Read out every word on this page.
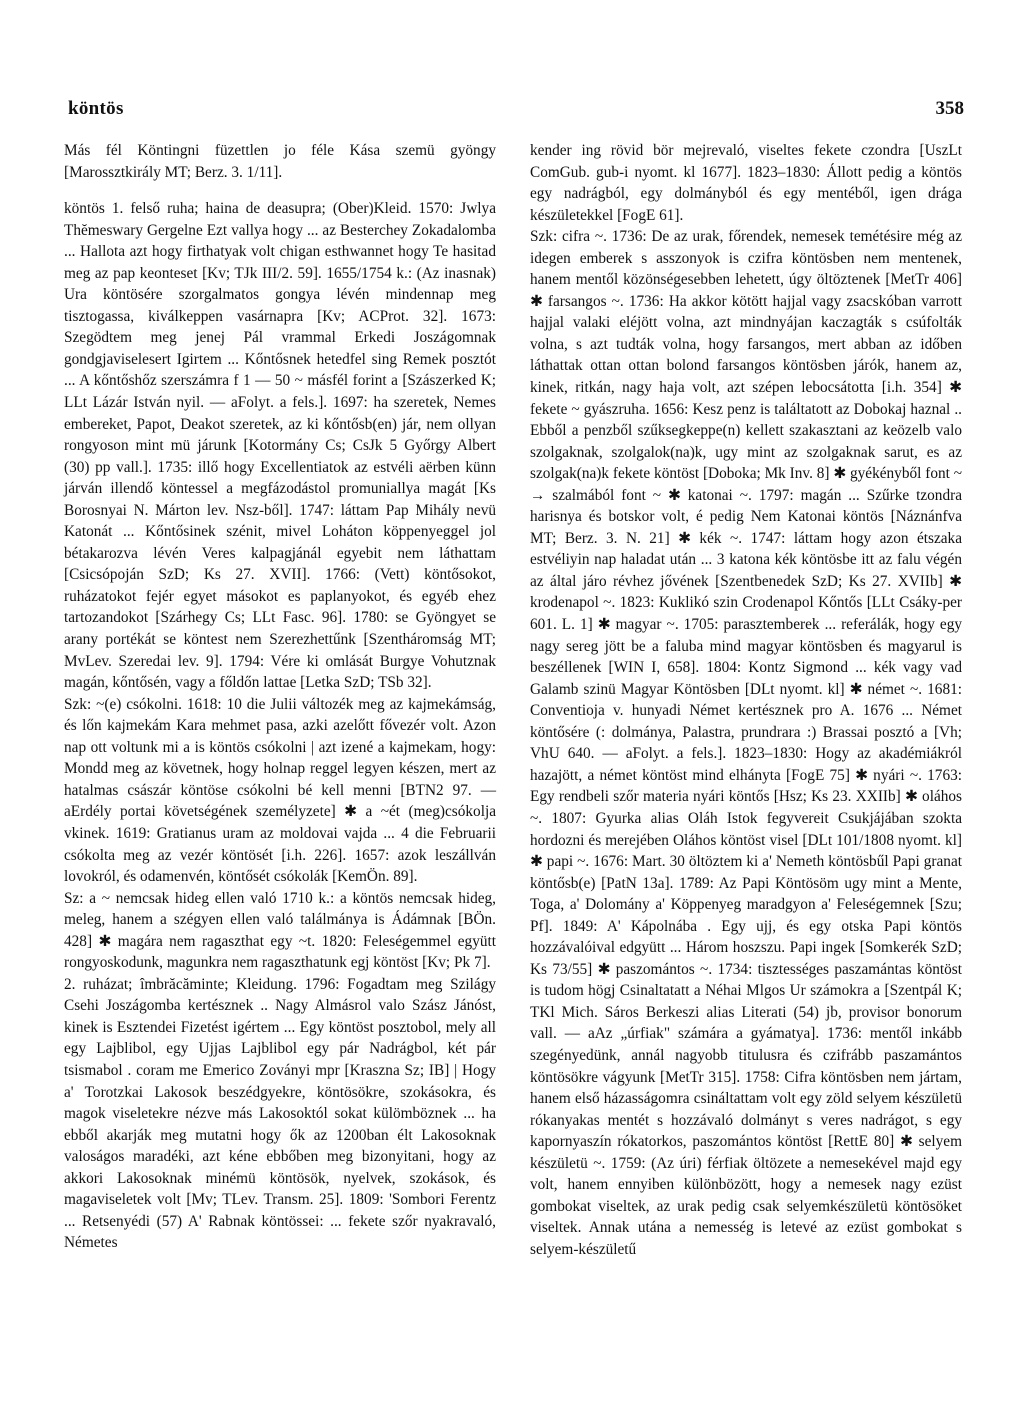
köntös	358

Más fél Köntingni füzettlen jo féle Kása szemü gyöngy [Marossztkirály MT; Berz. 3. 1/11].

köntös 1. felső ruha; haina de deasupra; (Ober)Kleid. 1570: Jwlya Thĕmeswary Gergelne Ezt vallya hogy ... az Besterchey Zokadalomba ... Hallota azt hogy firthatyak volt chigan esthwannet hogy Te hasitad meg az pap keonteset [Kv; TJk III/2. 59]. 1655/1754 k.: (Az inasnak) Ura köntösére szorgalmatos gongya lévén mindennap meg tisztogassa, kiválkeppen vasárnapra [Kv; ACProt. 32]. 1673: Szegödtem meg jenej Pál vrammal Erkedi Joszágomnak gondgjaviselesert Igirtem ... Kőntősnek hetedfel sing Remek posztót ... A kőntőshőz szerszámra f 1 — 50 ~ másfél forint a [Szászerked K; LLt Lázár István nyil. — aFolyt. a fels.]. 1697: ha szeretek, Nemes embereket, Papot, Deakot szeretek, az ki kőntősb(en) jár, nem ollyan rongyoson mint mü járunk [Kotormány Cs; CsJk 5 Győrgy Albert (30) pp vall.]. 1735: illő hogy Excellentiatok az estvéli aërben künn járván illendő köntessel a megfázodástol promuniallya magát [Ks Borosnyai N. Márton lev. Nsz-ből]. 1747: láttam Pap Mihály nevü Katonát ... Kőntősinek szénit, mivel Loháton köppenyeggel jol bétakarozva lévén Veres kalpagjánál egyebit nem láthattam [Csicsópoján SzD; Ks 27. XVII]. 1766: (Vett) köntősokot, ruházatokot fejér egyet másokot es paplanyokot, és egyéb ehez tartozandokot [Szárhegy Cs; LLt Fasc. 96]. 1780: se Gyöngyet se arany portékát se köntest nem Szerezhettűnk [Szentháromság MT; MvLev. Szeredai lev. 9]. 1794: Vére ki omlását Burgye Vohutznak magán, kőntősén, vagy a főldőn lattae [Letka SzD; TSb 32].

Szk: ~(e) csókolni. 1618: 10 die Julii változék meg az kajmekámság, és lőn kajmekám Kara mehmet pasa, azki azelőtt fővezér volt. Azon nap ott voltunk mi a is köntös csókolni | azt izené a kajmekam, hogy: Mondd meg az követnek, hogy holnap reggel legyen készen, mert az hatalmas császár köntöse csókolni bé kell menni [BTN2 97. — aErdély portai követségének személyzete] ✱ a ~ét (meg)csókolja vkinek. 1619: Gratianus uram az moldovai vajda ... 4 die Februarii csókolta meg az vezér köntösét [i.h. 226]. 1657: azok leszállván lovokról, és odamenvén, köntősét csókolák [KemÖn. 89].

Sz: a ~ nemcsak hideg ellen való 1710 k.: a köntös nemcsak hideg, meleg, hanem a szégyen ellen való találmánya is Ádámnak [BÖn. 428] ✱ magára nem ragaszthat egy ~t. 1820: Feleségemmel együtt rongyoskodunk, magunkra nem ragaszthatunk egj köntöst [Kv; Pk 7].

2. ruházat; îmbrăcăminte; Kleidung. 1796: Fogadtam meg Szilágy Csehi Joszágomba kertésznek .. Nagy Almásrol valo Szász Jánóst, kinek is Esztendei Fizetést igértem ... Egy köntöst posztobol, mely all egy Lajblibol, egy Ujjas Lajblibol egy pár Nadrágbol, két pár tsismabol . coram me Emerico Zoványi mpr [Kraszna Sz; IB] | Hogy a' Torotzkai Lakosok beszédgyekre, köntösökre, szokásokra, és magok viseletekre nézve más Lakosoktól sokat külömböznek ... ha ebből akarják meg mutatni hogy ők az 1200ban élt Lakosoknak valoságos maradéki, azt kéne ebbőben meg bizonyitani, hogy az akkori Lakosoknak minémü köntösök, nyelvek, szokások, és magaviseletek volt [Mv; TLev. Transm. 25]. 1809: 'Sombori Ferentz ... Retsenyédi (57) A' Rabnak köntössei: ... fekete szőr nyakravaló, Németes

kender ing rövid bör mejrevaló, viseltes fekete czondra [UszLt ComGub. gub-i nyomt. kl 1677]. 1823–1830: Állott pedig a köntös egy nadrágból, egy dolmányból és egy mentéből, igen drága készületekkel [FogE 61].

Szk: cifra ~. 1736: De az urak, főrendek, nemesek temétésire még az idegen emberek s asszonyok is czifra köntösben nem mentenek, hanem mentől közönségesebben lehetett, úgy öltöztenek [MetTr 406] ✱ farsangos ~. 1736: Ha akkor kötött hajjal vagy zsacskóban varrott hajjal valaki eléjött volna, azt mindnyájan kaczagták s csúfolták volna, s azt tudták volna, hogy farsangos, mert abban az időben láthattak ottan ottan bolond farsangos köntösben járók, hanem az, kinek, ritkán, nagy haja volt, azt szépen lebocsátotta [i.h. 354] ✱ fekete ~ gyászruha. 1656: Kesz penz is találtatott az Dobokaj haznal .. Ebből a penzből szűksegkeppe(n) kellett szakasztani az keözelb valo szolgaknak, szolgalok(na)k, ugy mint az szolgaknak sarut, es az szolgak(na)k fekete köntöst [Doboka; Mk Inv. 8] ✱ gyékényből font ~ → szalmából font ~ ✱ katonai ~. 1797: magán ... Szűrke tzondra harisnya és botskor volt, é pedig Nem Katonai köntös [Náznánfva MT; Berz. 3. N. 21] ✱ kék ~. 1747: láttam hogy azon étszaka estvéliyin nap haladat után ... 3 katona kék köntösbe itt az falu végén az által járo révhez jővének [Szentbenedek SzD; Ks 27. XVIIb] ✱ krodenapol ~. 1823: Kuklikó szin Crodenapol Kőntős [LLt Csáky-per 601. L. 1] ✱ magyar ~. 1705: parasztemberek ... referálák, hogy egy nagy sereg jött be a faluba mind magyar köntösben és magyarul is beszéllenek [WIN I, 658]. 1804: Kontz Sigmond ... kék vagy vad Galamb szinü Magyar Köntösben [DLt nyomt. kl] ✱ német ~. 1681: Conventioja v. hunyadi Német kertésznek pro A. 1676 ... Német köntősére (: dolmánya, Palastra, prundrara :) Brassai posztó a [Vh; VhU 640. — aFolyt. a fels.]. 1823–1830: Hogy az akadémiákról hazajött, a német köntöst mind elhányta [FogE 75] ✱ nyári ~. 1763: Egy rendbeli szőr materia nyári köntős [Hsz; Ks 23. XXIIb] ✱ oláhos ~. 1807: Gyurka alias Oláh Istok fegyvereit Csukjájában szokta hordozni és merejében Oláhos köntöst visel [DLt 101/1808 nyomt. kl] ✱ papi ~. 1676: Mart. 30 öltöztem ki a' Nemeth köntösbűl Papi granat köntősb(e) [PatN 13a]. 1789: Az Papi Köntösöm ugy mint a Mente, Toga, a' Dolomány a' Köppenyeg maradgyon a' Feleségemnek [Szu; Pf]. 1849: A' Kápolnába . Egy ujj, és egy otska Papi köntös hozzávalóival edgyütt ... Három hoszszu. Papi ingek [Somkerék SzD; Ks 73/55] ✱ paszomántos ~. 1734: tisztességes paszamántas köntöst is tudom högj Csinaltatatt a Néhai Mlgos Ur számokra a [Szentpál K; TKl Mich. Sáros Berkeszi alias Literati (54) jb, provisor bonorum vall. — aAz „úrfiak" számára a gyámatya]. 1736: mentől inkább szegényedünk, annál nagyobb titulusra és czifrább paszamántos köntösökre vágyunk [MetTr 315]. 1758: Cifra köntösben nem jártam, hanem első házasságomra csináltattam volt egy zöld selyem készületü rókanyakas mentét s hozzávaló dolmányt s veres nadrágot, s egy kapornyaszín rókatorkos, paszomántos köntöst [RettE 80] ✱ selyem készületü ~. 1759: (Az úri) férfiak öltözete a nemesekével majd egy volt, hanem ennyiben különbözött, hogy a nemesek nagy ezüst gombokat viseltek, az urak pedig csak selyemkészületü köntösöket viseltek. Annak utána a nemesség is letevé az ezüst gombokat s selyem-készületű
